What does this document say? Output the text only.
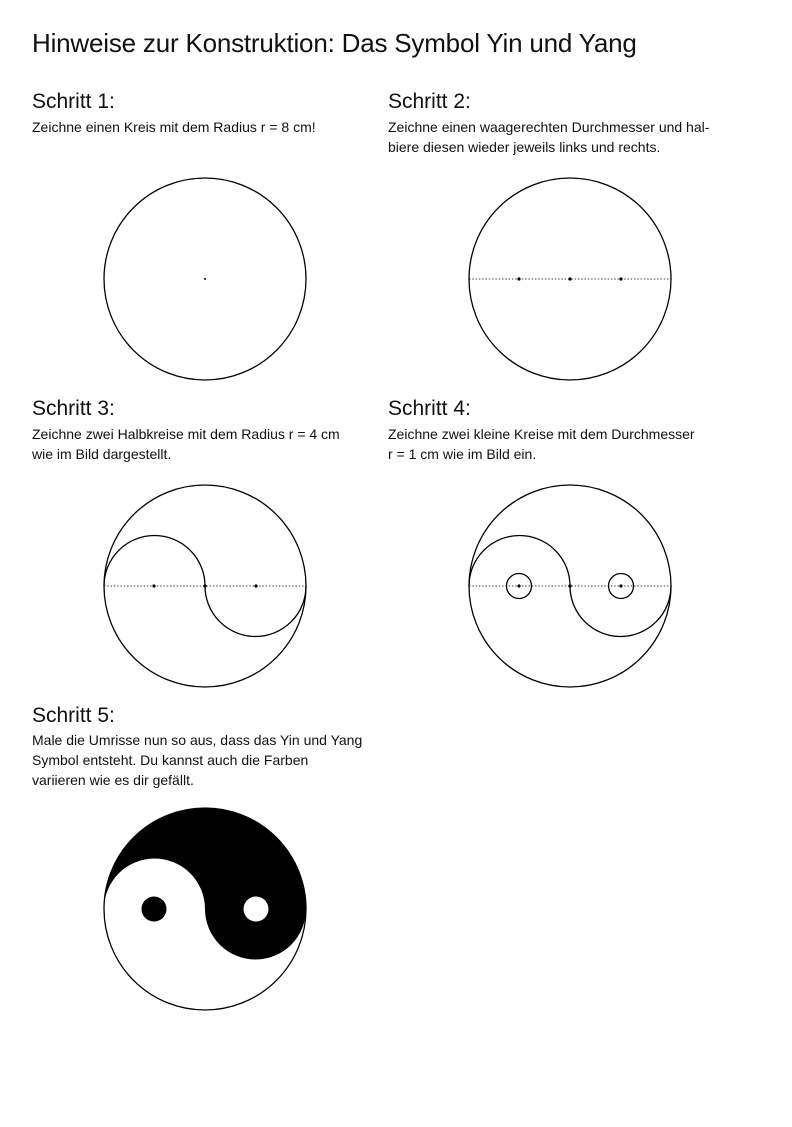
Hinweise zur Konstruktion: Das Symbol Yin und Yang
Schritt 1:

Zeichne einen Kreis mit dem Radius r = 8 cm!

Schritt 2:

Zeichne einen waagerechten Durchmesser und hal-
biere diesen wieder jeweils links und rechts.

Schritt 3:

Zeichne zwei Halbkreise mit dem Radius r = 4 cm
wie im Bild dargestellt.

Schritt 4:

Zeichne zwei kleine Kreise mit dem Durchmesser
r = 1 cm wie im Bild ein.

Schritt 5:

Male die Umrisse nun so aus, dass das Yin und Yang
Symbol entsteht. Du kannst auch die Farben
variieren wie es dir gefällt.
